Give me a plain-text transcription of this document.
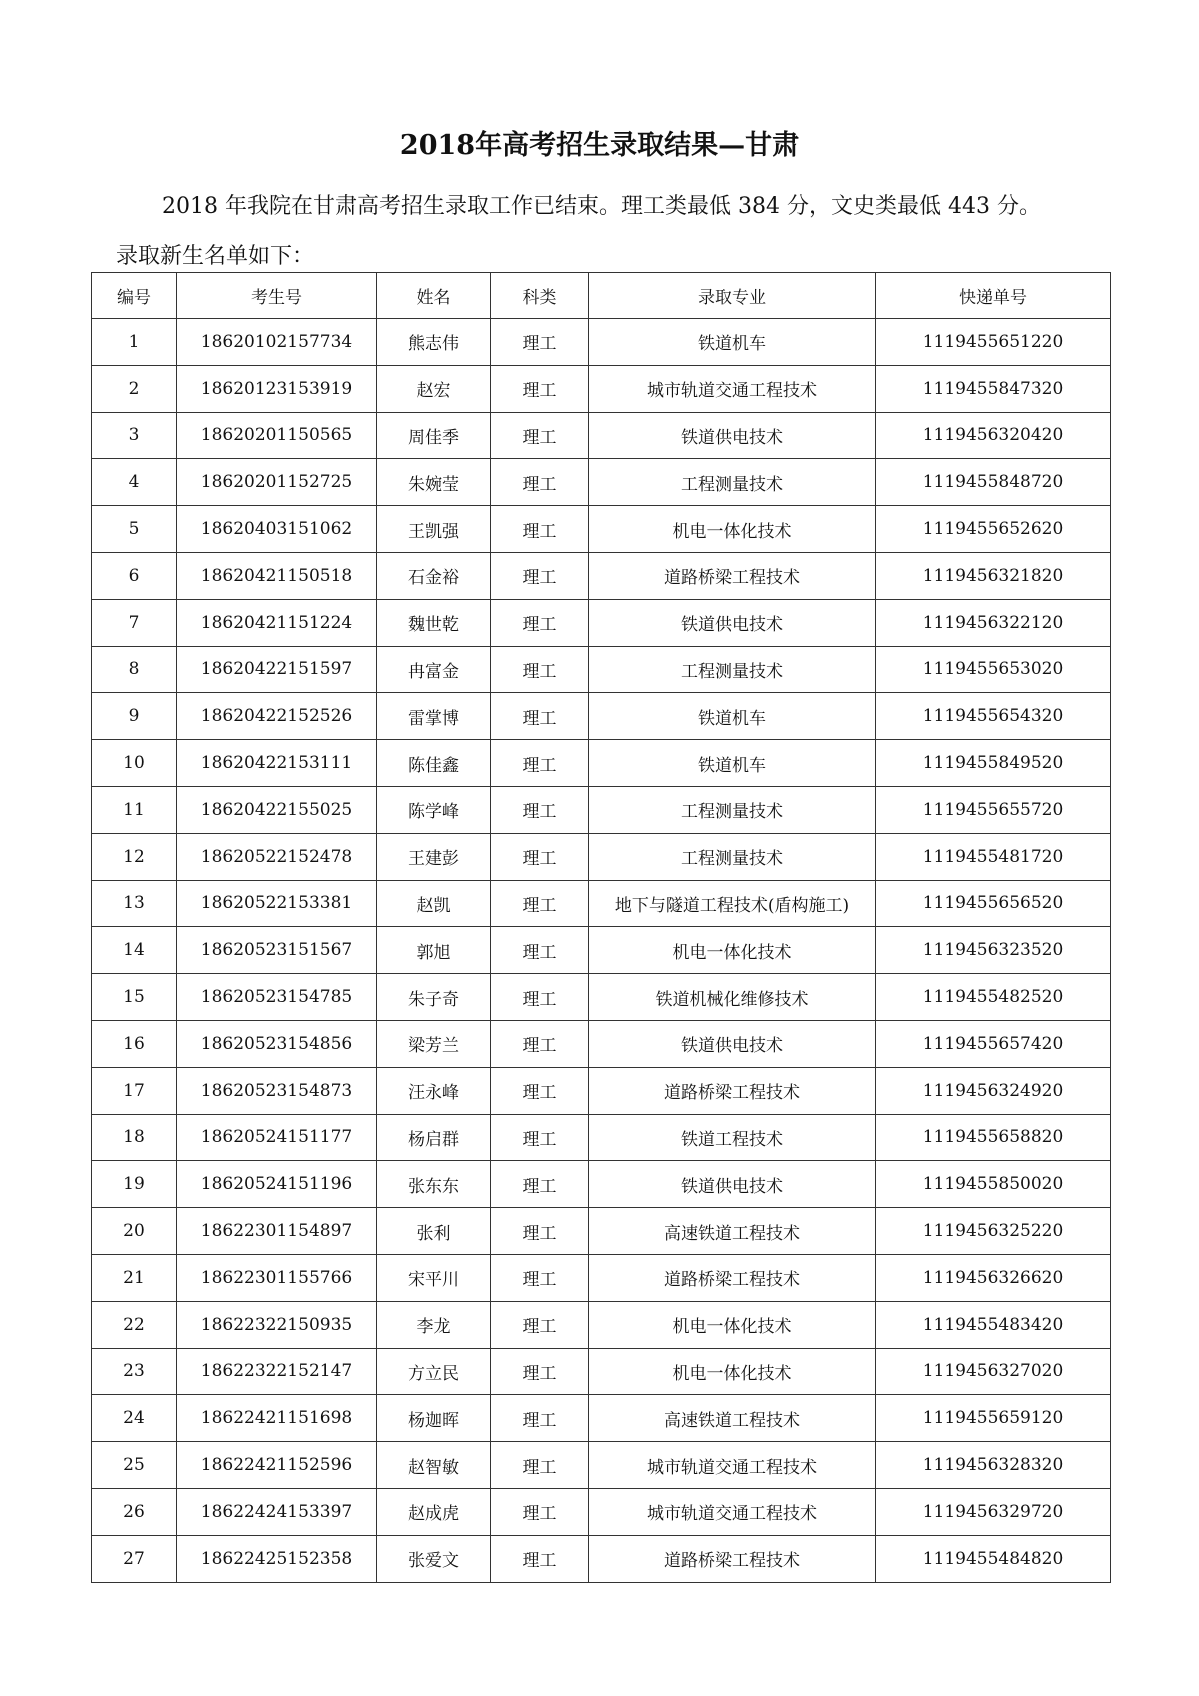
2018年高考招生录取结果—甘肃

2018 年我院在甘肃高考招生录取工作已结束。理工类最低 384 分，文史类最低 443 分。

录取新生名单如下：

编号	考生号	姓名	科类	录取专业	快递单号
1	18620102157734	熊志伟	理工	铁道机车	1119455651220
2	18620123153919	赵宏	理工	城市轨道交通工程技术	1119455847320
3	18620201150565	周佳季	理工	铁道供电技术	1119456320420
4	18620201152725	朱婉莹	理工	工程测量技术	1119455848720
5	18620403151062	王凯强	理工	机电一体化技术	1119455652620
6	18620421150518	石金裕	理工	道路桥梁工程技术	1119456321820
7	18620421151224	魏世乾	理工	铁道供电技术	1119456322120
8	18620422151597	冉富金	理工	工程测量技术	1119455653020
9	18620422152526	雷掌博	理工	铁道机车	1119455654320
10	18620422153111	陈佳鑫	理工	铁道机车	1119455849520
11	18620422155025	陈学峰	理工	工程测量技术	1119455655720
12	18620522152478	王建彭	理工	工程测量技术	1119455481720
13	18620522153381	赵凯	理工	地下与隧道工程技术(盾构施工)	1119455656520
14	18620523151567	郭旭	理工	机电一体化技术	1119456323520
15	18620523154785	朱子奇	理工	铁道机械化维修技术	1119455482520
16	18620523154856	梁芳兰	理工	铁道供电技术	1119455657420
17	18620523154873	汪永峰	理工	道路桥梁工程技术	1119456324920
18	18620524151177	杨启群	理工	铁道工程技术	1119455658820
19	18620524151196	张东东	理工	铁道供电技术	1119455850020
20	18622301154897	张利	理工	高速铁道工程技术	1119456325220
21	18622301155766	宋平川	理工	道路桥梁工程技术	1119456326620
22	18622322150935	李龙	理工	机电一体化技术	1119455483420
23	18622322152147	方立民	理工	机电一体化技术	1119456327020
24	18622421151698	杨迦晖	理工	高速铁道工程技术	1119455659120
25	18622421152596	赵智敏	理工	城市轨道交通工程技术	1119456328320
26	18622424153397	赵成虎	理工	城市轨道交通工程技术	1119456329720
27	18622425152358	张爱文	理工	道路桥梁工程技术	1119455484820
